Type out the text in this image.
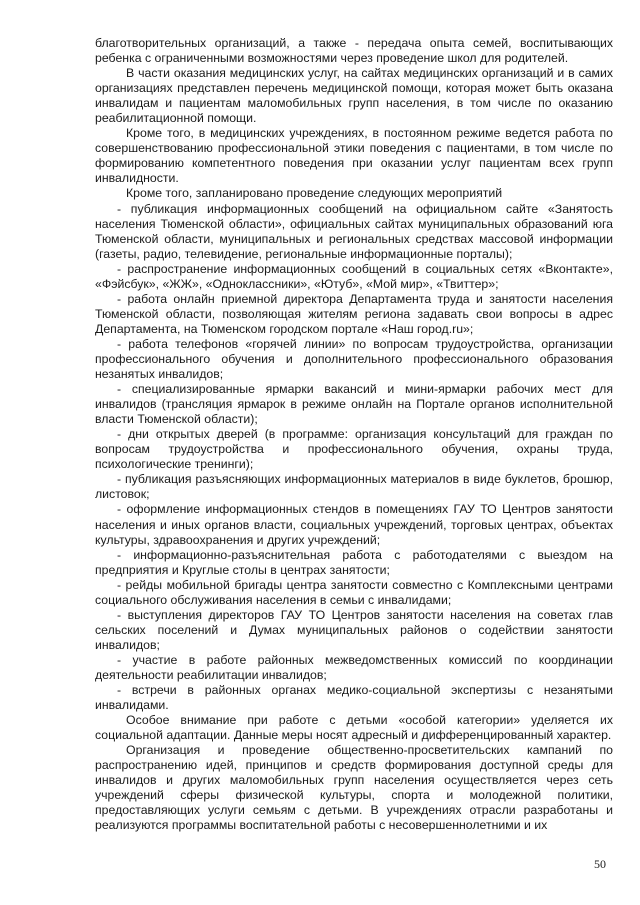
благотворительных организаций, а также - передача опыта семей, воспитывающих ребенка с ограниченными возможностями через проведение школ для родителей.

В части оказания медицинских услуг, на сайтах медицинских организаций и в самих организациях представлен перечень медицинской помощи, которая может быть оказана инвалидам и пациентам маломобильных групп населения, в том числе по оказанию реабилитационной помощи.

Кроме того, в медицинских учреждениях, в постоянном режиме ведется работа по совершенствованию профессиональной этики поведения с пациентами, в том числе по формированию компетентного поведения при оказании услуг пациентам всех групп инвалидности.

Кроме того, запланировано проведение следующих мероприятий

- публикация информационных сообщений на официальном сайте «Занятость населения Тюменской области», официальных сайтах муниципальных образований юга Тюменской области, муниципальных и региональных средствах массовой информации (газеты, радио, телевидение, региональные информационные порталы);

- распространение информационных сообщений в социальных сетях «Вконтакте», «Фэйсбук», «ЖЖ», «Одноклассники», «Ютуб», «Мой мир», «Твиттер»;

- работа онлайн приемной директора Департамента труда и занятости населения Тюменской области, позволяющая жителям региона задавать свои вопросы в адрес Департамента, на Тюменском городском портале «Наш город.ru»;

- работа телефонов «горячей линии» по вопросам трудоустройства, организации профессионального обучения и дополнительного профессионального образования незанятых инвалидов;

- специализированные ярмарки вакансий и мини-ярмарки рабочих мест для инвалидов (трансляция ярмарок в режиме онлайн на Портале органов исполнительной власти Тюменской области);

- дни открытых дверей (в программе: организация консультаций для граждан по вопросам трудоустройства и профессионального обучения, охраны труда, психологические тренинги);

- публикация разъясняющих информационных материалов в виде буклетов, брошюр, листовок;

- оформление информационных стендов в помещениях ГАУ ТО Центров занятости населения и иных органов власти, социальных учреждений, торговых центрах, объектах культуры, здравоохранения и других учреждений;

- информационно-разъяснительная работа с работодателями с выездом на предприятия и Круглые столы в центрах занятости;

- рейды мобильной бригады центра занятости совместно с Комплексными центрами социального обслуживания населения в семьи с инвалидами;

- выступления директоров ГАУ ТО Центров занятости населения на советах глав сельских поселений и Думах муниципальных районов о содействии занятости инвалидов;

- участие в работе районных межведомственных комиссий по координации деятельности реабилитации инвалидов;

- встречи в районных органах медико-социальной экспертизы с незанятыми инвалидами.

Особое внимание при работе с детьми «особой категории» уделяется их социальной адаптации. Данные меры носят адресный и дифференцированный характер.

Организация и проведение общественно-просветительских кампаний по распространению идей, принципов и средств формирования доступной среды для инвалидов и других маломобильных групп населения осуществляется через сеть учреждений сферы физической культуры, спорта и молодежной политики, предоставляющих услуги семьям с детьми. В учреждениях отрасли разработаны и реализуются программы воспитательной работы с несовершеннолетними и их

50
